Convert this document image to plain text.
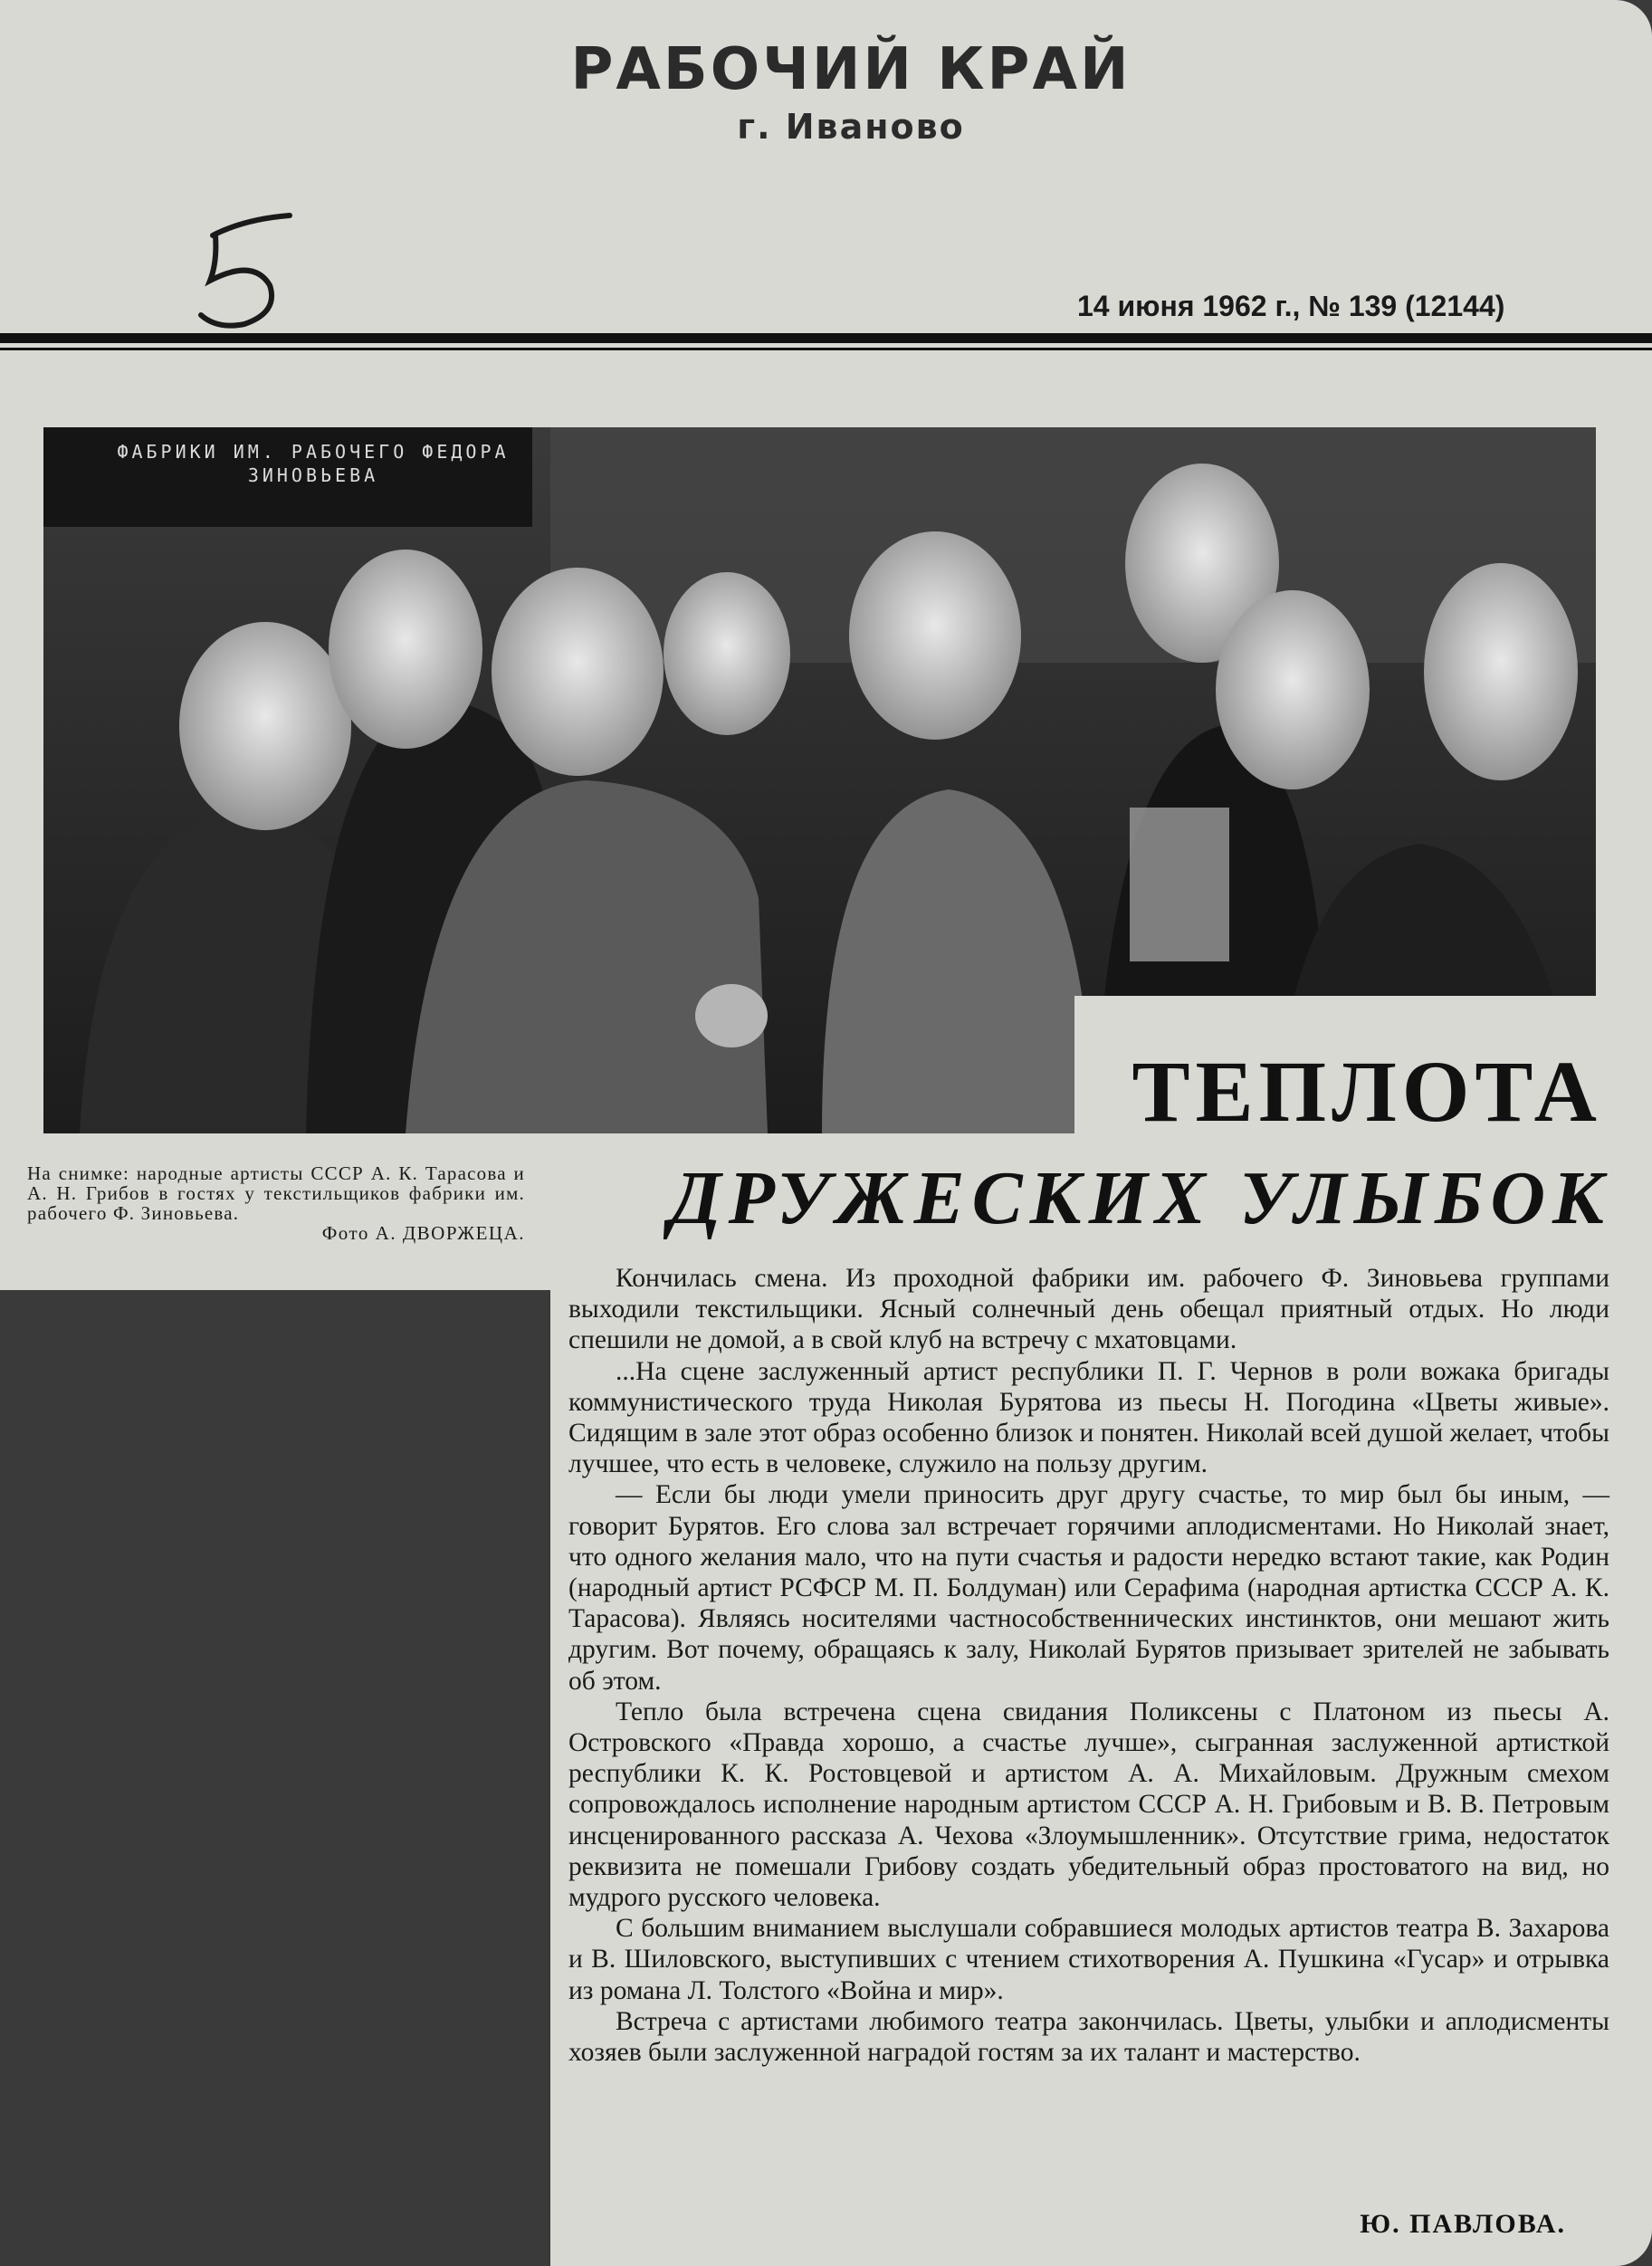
РАБОЧИЙ КРАЙ
г. Иваново
14 июня 1962 г., № 139 (12144)
ФАБРИКИ ИМ. РАБОЧЕГО ФЕДОРА ЗИНОВЬЕВА
На снимке: народные артисты СССР А. К. Тарасова и А. Н. Грибов в гостях у текстильщиков фабрики им. рабочего Ф. Зиновьева.
Фото А. ДВОРЖЕЦА.
ТЕПЛОТА
ДРУЖЕСКИХ УЛЫБОК

Кончилась смена. Из проходной фабрики им. рабочего Ф. Зиновьева группами выходили текстильщики. Ясный солнечный день обещал приятный отдых. Но люди спешили не домой, а в свой клуб на встречу с мхатовцами.

...На сцене заслуженный артист республики П. Г. Чернов в роли вожака бригады коммунистического труда Николая Бурятова из пьесы Н. Погодина «Цветы живые». Сидящим в зале этот образ особенно близок и понятен. Николай всей душой желает, чтобы лучшее, что есть в человеке, служило на пользу другим.

— Если бы люди умели приносить друг другу счастье, то мир был бы иным, — говорит Бурятов. Его слова зал встречает горячими аплодисментами. Но Николай знает, что одного желания мало, что на пути счастья и радости нередко встают такие, как Родин (народный артист РСФСР М. П. Болдуман) или Серафима (народная артистка СССР А. К. Тарасова). Являясь носителями частнособственнических инстинктов, они мешают жить другим. Вот почему, обращаясь к залу, Николай Бурятов призывает зрителей не забывать об этом.

Тепло была встречена сцена свидания Поликсены с Платоном из пьесы А. Островского «Правда хорошо, а счастье лучше», сыгранная заслуженной артисткой республики К. К. Ростовцевой и артистом А. А. Михайловым. Дружным смехом сопровождалось исполнение народным артистом СССР А. Н. Грибовым и В. В. Петровым инсценированного рассказа А. Чехова «Злоумышленник». Отсутствие грима, недостаток реквизита не помешали Грибову создать убедительный образ простоватого на вид, но мудрого русского человека.

С большим вниманием выслушали собравшиеся молодых артистов театра В. Захарова и В. Шиловского, выступивших с чтением стихотворения А. Пушкина «Гусар» и отрывка из романа Л. Толстого «Война и мир».

Встреча с артистами любимого театра закончилась. Цветы, улыбки и аплодисменты хозяев были заслуженной наградой гостям за их талант и мастерство.

Ю. ПАВЛОВА.
